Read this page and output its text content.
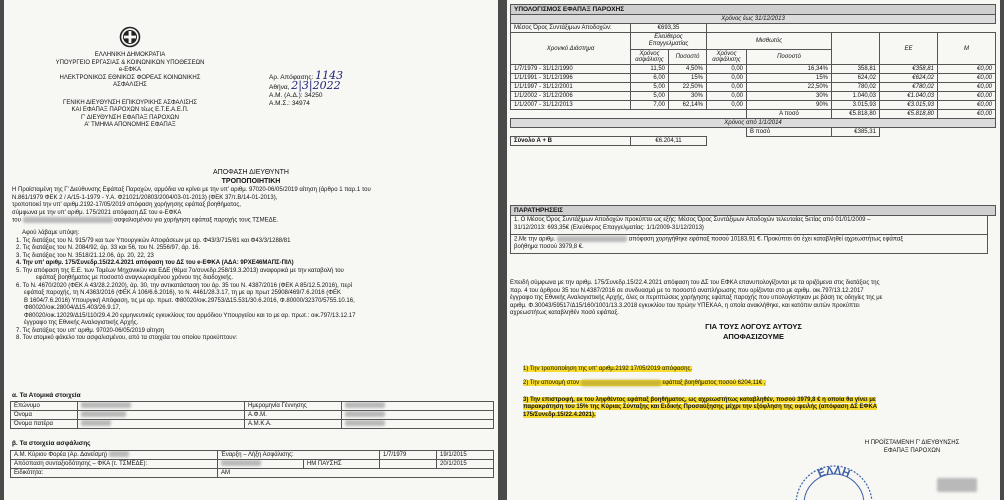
ΕΛΛΗΝΙΚΗ ΔΗΜΟΚΡΑΤΙΑ
ΥΠΟΥΡΓΕΙΟ ΕΡΓΑΣΙΑΣ & ΚΟΙΝΩΝΙΚΩΝ ΥΠΟΘΕΣΕΩΝ
e-ΕΦΚΑ
ΗΛΕΚΤΡΟΝΙΚΟΣ ΕΘΝΙΚΟΣ ΦΟΡΕΑΣ ΚΟΙΝΩΝΙΚΗΣ
ΑΣΦΑΛΙΣΗΣ
ΓΕΝΙΚΗ ΔΙΕΥΘΥΝΣΗ ΕΠΙΚΟΥΡΙΚΗΣ ΑΣΦΑΛΙΣΗΣ
ΚΑΙ ΕΦΑΠΑΞ ΠΑΡΟΧΩΝ τέως Ε.Τ.Ε.Α.Ε.Π.
Γ' ΔΙΕΥΘΥΝΣΗ ΕΦΑΠΑΞ ΠΑΡΟΧΩΝ
Α' ΤΜΗΜΑ ΑΠΟΝΟΜΗΣ ΕΦΑΠΑΞ
Αρ. Απόφασης: 1143
Αθήνα, 2|3|2022
Α.Μ. (Α.Δ.): 34250
Α.Μ.Σ.: 34974
ΑΠΟΦΑΣΗ ΔΙΕΥΘΥΝΤΗ
ΤΡΟΠΟΠΟΙΗΤΙΚΗ
Η Προϊσταμένη της Γ' Διεύθυνσης Εφάπαξ Παροχών, αρμόδια να κρίνει με την υπ' αριθμ. 97020-06/05/2019 αίτηση (άρθρο 1 παρ.1 του
Ν.861/1979 ΦΕΚ 2 / Α/15-1-1979 - Υ.Α. Φ21021/20803/2004/03-01-2013) (ΦΕΚ 37/τ.Β/14-01-2013),
τροποποιεί την υπ' αριθμ.2192-17/05/2019 απόφαση χορήγησης εφάπαξ βοηθήματος,
σύμφωνα με την υπ' αριθμ. 175/2021 απόφαση ΔΣ του e-ΕΦΚΑ
του	ασφαλισμένου για χορήγηση εφάπαξ παροχής τους ΤΣΜΕΔΕ.
Αφού λάβαμε υπόψη:
1. Τις διατάξεις του Ν. 915/79 και των Υπουργικών Αποφάσεων με αρ. Φ43/3/715/81 και Φ43/3/1288/81
2. Τις διατάξεις του Ν. 2084/92, άρ. 33 και 56, του Ν. 2556/97, άρ. 16.
3. Τις διατάξεις του Ν. 3518/21.12.06, άρ. 20, 22, 23
4. Την υπ' αριθμ. 175/Συνεδρ.15/22.4.2021 απόφαση του ΔΣ του e-ΕΦΚΑ (ΑΔΑ: 9ΡΧΕ46ΜΑΠΣ-ΠΙΛ)
5. Την απόφαση της Ε.Ε. των Τομέων Μηχανικών και ΕΔΕ (θέμα 7ο/συνεδρ.258/19.3.2013) αναφορικά με την καταβολή του
εφάπαξ βοηθήματος με ποσοστό αναγνωρισμένου χρόνου της διαδοχικής.
6. Το Ν. 4670/2020 (ΦΕΚ Α 43/28.2.2020), άρ. 30, την αντικατάσταση του άρ. 35 του Ν. 4387/2016 (ΦΕΚ Α 85/12.5.2016), περί
εφάπαξ παροχής, τη Ν.4363/2016 (ΦΕΚ Α 106/6.6.2016), το Ν. 4461/28.3.17, τη με αρ πρωτ 25908/469/7.6.2016 (ΦΕΚ
Β 1604/7.6.2016) Υπουργική Απόφαση, τις με αρ. πρωτ. Φ80020/οικ.29753/Δ15.531/30.6.2016, Φ.80000/32370/5755.10.16,
Φ80020/οικ.28004/Δ15.403/26.9.17,
Φ80020/οικ.12029/Δ15/110/29.4.20 ερμηνευτικές εγκυκλίους του αρμόδιου Υπουργείου και το με αρ. πρωτ.: οικ.797/13.12.17
έγγραφο της Εθνικής Αναλογιστικής Αρχής.
7. Τις διατάξεις του υπ' αριθμ. 97020-06/05/2019 αίτηση
8. Τον ατομικό φάκελο του ασφαλισμένου, από τα στοιχεία του οποίου προκύπτουν:
α. Τα Ατομικά στοιχεία
Επώνυμο		Ημερομηνία Γέννησης	
Όνομα		Α.Φ.Μ.	
Όνομα πατέρα		Α.Μ.Κ.Α.	
β. Τα στοιχεία ασφάλισης
Α.Μ. Κύριου Φορέα (Αρ. Δανείσμη)	Έναρξη – Λήξη Ασφάλισης:		1/7/1979	19/1/2015
Απόσπαση συνταξιοδότησης – ΦΚΑ (τ. ΤΣΜΕΔΕ):		ΗΜ ΠΑΥΣΗΣ		20/1/2015
Ειδικότητα:	ΑΜ			
ΥΠΟΛΟΓΙΣΜΟΣ ΕΦΑΠΑΞ ΠΑΡΟΧΗΣ
Χρόνος έως 31/12/2013							
Μέσος Όρος Συντάξιμων Αποδοχών:	€693,35						
Χρονικό Διάστημα	Ελεύθερος Επαγγελματίας		Μισθωτός			ΕΕ	Μ
	Χρόνος ασφάλισης	Ποσοστό	Χρόνος ασφάλισης	Ποσοστό			
1/7/1979 - 31/12/1990	11,50	4,50%	0,00	16,34%	358,81	€358,81	€0,00
1/1/1991 - 31/12/1996	6,00	15%	0,00	15%	624,02	€624,02	€0,00
1/1/1997 - 31/12/2001	5,00	22,50%	0,00	22,50%	780,02	€780,02	€0,00
1/1/2002 - 31/12/2006	5,00	30%	0,00	30%	1.040,03	€1.040,03	€0,00
1/1/2007 - 31/12/2013	7,00	62,14%	0,00	90%	3.015,93	€3.015,93	€0,00
				Α ποσό	€5.818,80	€5.818,80	€0,00
Χρόνος από 1/1/2014							
				Β ποσό	€385,31		
Σύνολο Α + Β	€6.204,11						
ΠΑΡΑΤΗΡΗΣΕΙΣ
1. Ο Μέσος Όρος Συντάξιμων Αποδοχών προκύπτει ως εξής: Μέσος Όρος Συντάξιμων Αποδοχών τελευταίας 5ετίας από 01/01/2009 –
31/12/2013: 693,35€ (Ελεύθερος Επαγγελματίας: 1/1/2009-31/12/2013)
2.Με την αριθμ.	απόφαση χορηγήθηκε εφάπαξ ποσού 10183,91 €. Προκύπτει ότι έχει καταβληθεί αχρεωστήτως εφάπαξ
βοήθημα ποσού 3979,8 €.
Επειδή σύμφωνα με την αριθμ. 175/Συνεδρ.15/22.4.2021 απόφαση του ΔΣ του ΕΦΚΑ επανυπολογίζονται με τα οριζόμενα στις διατάξεις της
παρ. 4 του άρθρου 35 του Ν.4387/2016 σε συνδυασμό με το ποσοστό αναπλήρωσης που ορίζονται στο με αριθμ. οικ.797/13.12.2017
έγγραφο της Εθνικής Αναλογιστικής Αρχής, όλες οι περιπτώσεις χορήγησης εφάπαξ παροχής που υπολογίστηκαν με βάση τις οδηγίες της με
αριθμ. Φ.30043/59517/Δ15/160/1001/13.3.2018 εγκυκλίου του πρώην ΥΠΕΚΑΑ, η οποία ανακλήθηκε, και κατόπιν αυτών προκύπτει
αχρεωστήτως καταβληθέν ποσό εφάπαξ.
ΓΙΑ ΤΟΥΣ ΛΟΓΟΥΣ ΑΥΤΟΥΣ
ΑΠΟΦΑΣΙΖΟΥΜΕ
1) Την τροποποίηση της υπ' αριθμ.2192 17/05/2019 απόφασης.
2) Την απονομή στον	εφάπαξ βοηθήματος ποσού 6204,11€ ,
3) Την επιστροφή, εκ του ληφθέντος εφάπαξ βοηθήματος, ως αχρεωστήτως καταβληθέν, ποσού 3979,8 € η οποία θα γίνει με
παρακράτηση του 15% της Κύριας Σύνταξης και Ειδικής Προσαύξησης μέχρι την εξόφληση της οφειλής (απόφαση ΔΣ ΕΦΚΑ
175/Συνεδρ.15/22.4.2021).
Η ΠΡΟΪΣΤΑΜΕΝΗ Γ' ΔΙΕΥΘΥΝΣΗΣ
ΕΦΑΠΑΞ ΠΑΡΟΧΩΝ
ΕΛΛΗ
